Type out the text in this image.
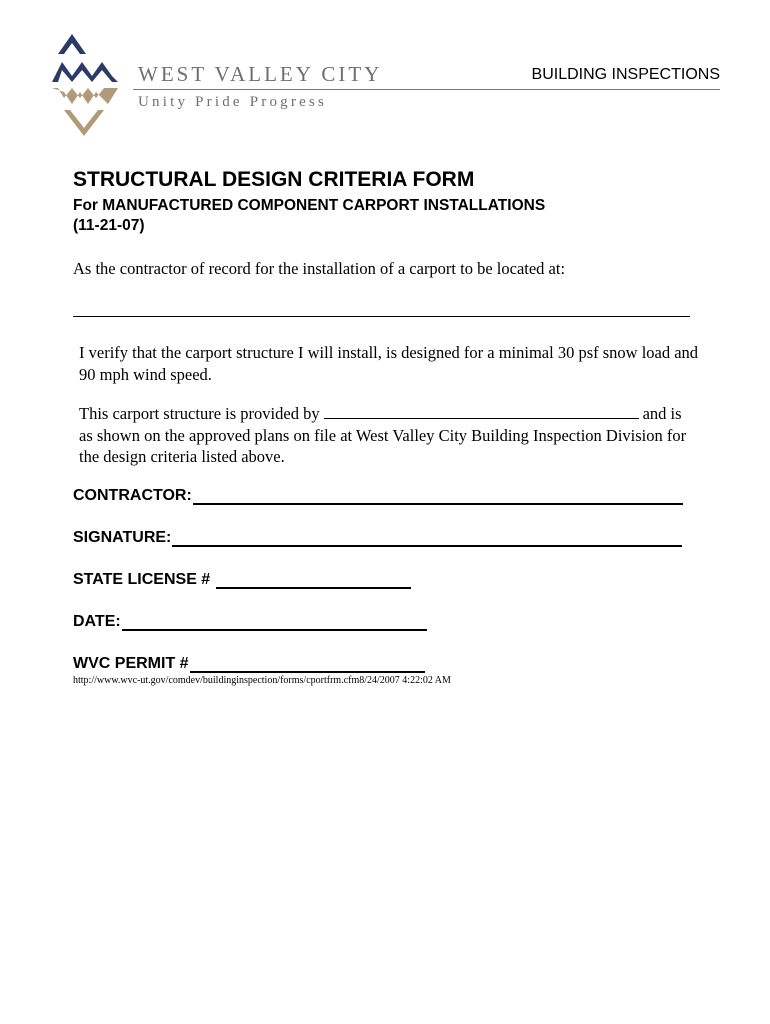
WEST VALLEY CITY
Unity Pride Progress
BUILDING INSPECTIONS
STRUCTURAL DESIGN CRITERIA FORM
For MANUFACTURED COMPONENT CARPORT INSTALLATIONS
(11-21-07)
As the contractor of record for the installation of a carport to be located at:

I verify that the carport structure I will install, is designed for a minimal 30 psf snow load and 90 mph wind speed.

This carport structure is provided by	and is as shown on the approved plans on file at West Valley City Building Inspection Division for the design criteria listed above.

CONTRACTOR:
SIGNATURE:
STATE LICENSE #
DATE:
WVC PERMIT #
http://www.wvc-ut.gov/comdev/buildinginspection/forms/cportfrm.cfm8/24/2007 4:22:02 AM
